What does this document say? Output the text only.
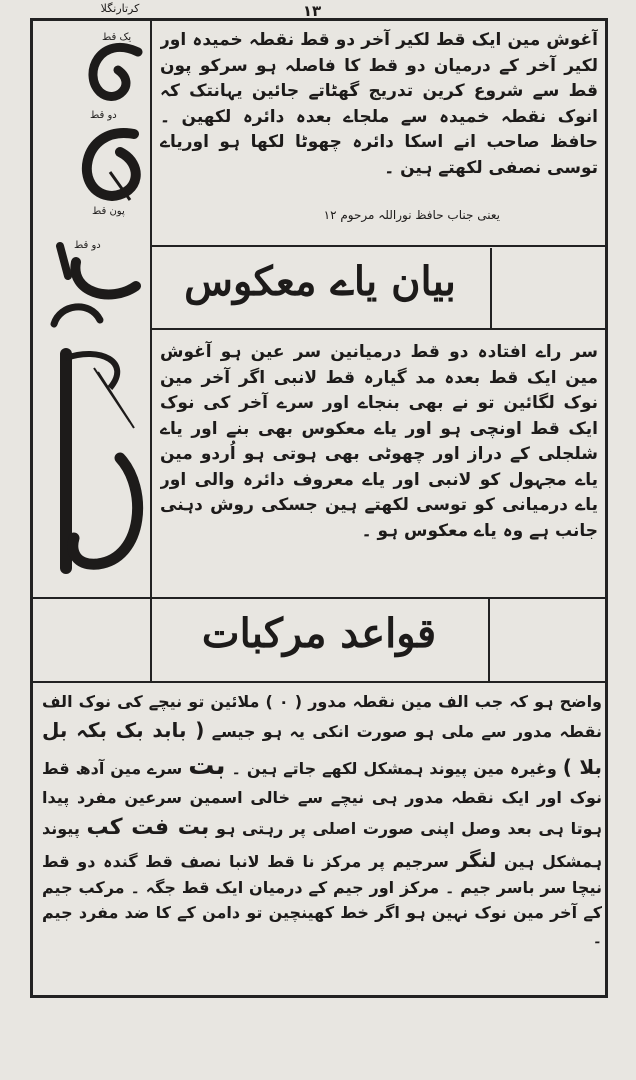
۱۳
کرتارنگلا
یک قط
دو قط
پون قط
دو قط

آغوش مین ایک قط لکیر آخر دو قط نقطہ خمیدہ اور لکیر آخر کے درمیان دو قط کا فاصلہ ہو سرکو پون قط سے شروع کرین تدریج گھٹاتے جائین یہانتک کہ انوک نقطہ خمیدہ سے ملجاے بعدہ دائرہ لکھین ۔ حافظ صاحب انے اسکا دائرہ چھوٹا لکھا ہو اوریاے توسی نصفی لکھتے ہین ۔

یعنی جناب حافظ نوراللہ مرحوم ۱۲
بیان یاے معکوس

سر راے افتادہ دو قط درمیانین سر عین ہو آغوش مین ایک قط بعدہ مد گیارہ قط لانبی اگر آخر مین نوک لگائین تو نے بھی بنجاے اور سرے آخر کی نوک ایک قط اونچی ہو اور یاے معکوس بھی بنے اور یاے شلجلی کے دراز اور چھوٹی بھی ہوتی ہو اُردو مین یاے مجہول کو لانبی اور یاے معروف دائرہ والی اور یاے درمیانی کو توسی لکھتے ہین جسکی روش دہنی جانب ہے وہ یاے معکوس ہو ۔

قواعد مرکبات

واضح ہو کہ جب الف مین نقطہ مدور ( ۰ ) ملائین تو نیچے کی نوک الف نقطہ مدور سے ملی ہو صورت انکی یہ ہو جیسے ( بابد بک بکہ بل بلا ) وغیرہ مین پیوند ہمشکل لکھے جاتے ہین ۔ بت سرے مین آدھ قط نوک اور ایک نقطہ مدور ہی نیچے سے خالی اسمین سرعین مفرد پیدا ہوتا ہی بعد وصل اپنی صورت اصلی پر رہتی ہو بت فت کب پیوند ہمشکل ہین لنگر سرجیم پر مرکز نا قط لانبا نصف قط گندہ دو قط نیچا سر باسر جیم ۔ مرکز اور جیم کے درمیان ایک قط جگہ ۔ مرکب جیم کے آخر مین نوک نہین ہو اگر خط کھینچین تو دامن کے کا ضد مفرد جیم ۔
